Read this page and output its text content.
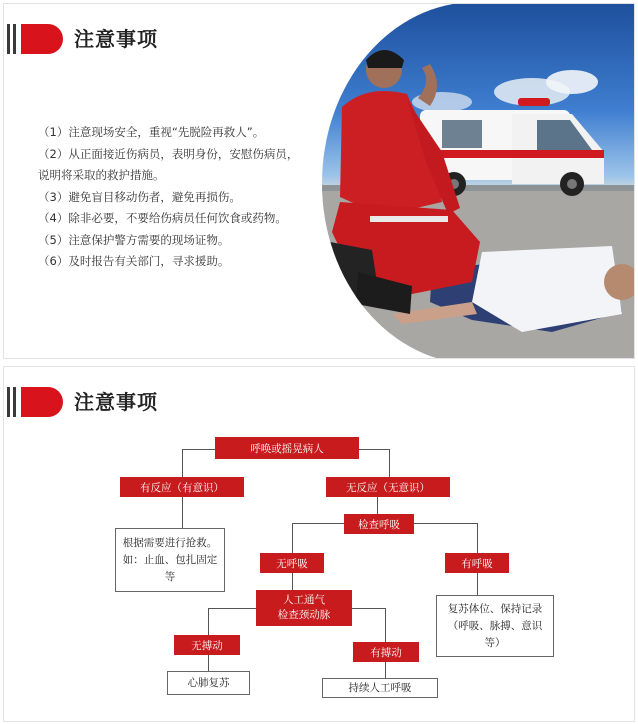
注意事项
（1）注意现场安全，重视“先脱险再救人”。
（2）从正面接近伤病员，表明身份，安慰伤病员，说明将采取的救护措施。
（3）避免盲目移动伤者，避免再损伤。
（4）除非必要，不要给伤病员任何饮食或药物。
（5）注意保护警方需要的现场证物。
（6）及时报告有关部门，寻求援助。
注意事项
呼唤或摇晃病人
有反应（有意识）	无反应（无意识）
根据需要进行抢救。如：止血、包扎固定等
检查呼吸
无呼吸	有呼吸
人工通气
检查颈动脉
复苏体位、保持记录（呼吸、脉搏、意识等）
无搏动
有搏动
心肺复苏	持续人工呼吸
